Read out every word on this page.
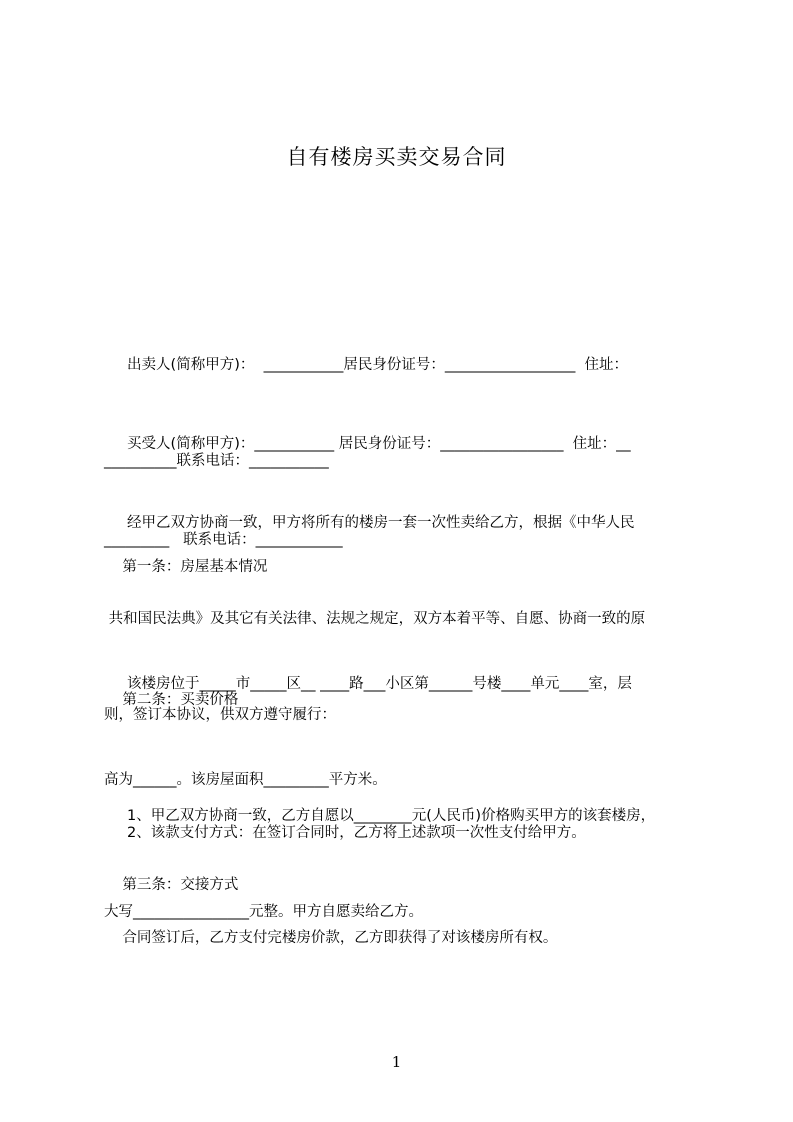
自有楼房买卖交易合同

出卖人(简称甲方)：  ___________居民身份证号：__________________  住址：

__________联系电话：___________

买受人(简称甲方)：___________ 居民身份证号：_________________  住址：__

_________   联系电话：____________

经甲乙双方协商一致，甲方将所有的楼房一套一次性卖给乙方，根据《中华人民

共和国民法典》及其它有关法律、法规之规定，双方本着平等、自愿、协商一致的原

则，签订本协议，供双方遵守履行：

第一条：房屋基本情况

该楼房位于_____市_____区__ ____路___小区第______号楼____单元____室，层

高为______。该房屋面积_________平方米。

第二条：买卖价格

1、甲乙双方协商一致，乙方自愿以________元(人民币)价格购买甲方的该套楼房，

大写________________元整。甲方自愿卖给乙方。

2、该款支付方式：在签订合同时，乙方将上述款项一次性支付给甲方。
第三条：交接方式
合同签订后，乙方支付完楼房价款，乙方即获得了对该楼房所有权。
1
